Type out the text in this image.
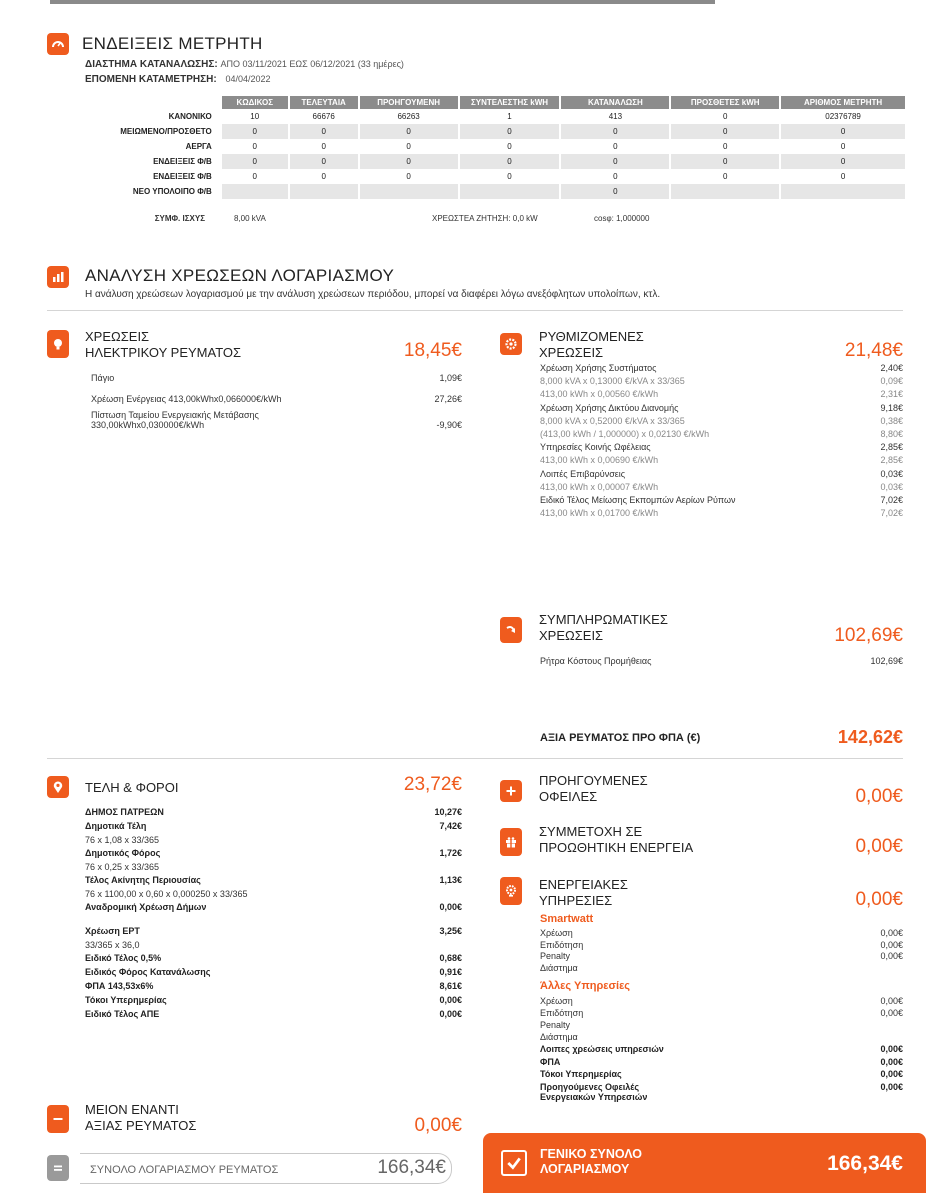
ΕΝΔΕΙΞΕΙΣ ΜΕΤΡΗΤΗ
ΔΙΑΣΤΗΜΑ ΚΑΤΑΝΑΛΩΣΗΣ: ΑΠΟ 03/11/2021 ΕΩΣ 06/12/2021 (33 ημέρες)
ΕΠΟΜΕΝΗ ΚΑΤΑΜΕΤΡΗΣΗ: 04/04/2022
	ΚΩΔΙΚΟΣ	ΤΕΛΕΥΤΑΙΑ	ΠΡΟΗΓΟΥΜΕΝΗ	ΣΥΝΤΕΛΕΣΤΗΣ kWH	ΚΑΤΑΝΑΛΩΣΗ	ΠΡΟΣΘΕΤΕΣ kWH	ΑΡΙΘΜΟΣ ΜΕΤΡΗΤΗ
ΚΑΝΟΝΙΚΟ	10	66676	66263	1	413	0	02376789
ΜΕΙΩΜΕΝΟ/ΠΡΟΣΘΕΤΟ	0	0	0	0	0	0	0
ΑΕΡΓΑ	0	0	0	0	0	0	0
ΕΝΔΕΙΞΕΙΣ Φ/Β	0	0	0	0	0	0	0
ΕΝΔΕΙΞΕΙΣ Φ/Β	0	0	0	0	0	0	0
ΝΕΟ ΥΠΟΛΟΙΠΟ Φ/Β					0		
ΣΥΜΦ. ΙΣΧΥΣ	8,00 kVA	ΧΡΕΩΣΤΕΑ ΖΗΤΗΣΗ: 0,0 kW	cosφ: 1,000000
ΑΝΑΛΥΣΗ ΧΡΕΩΣΕΩΝ ΛΟΓΑΡΙΑΣΜΟΥ
Η ανάλυση χρεώσεων λογαριασμού με την ανάλυση χρεώσεων περιόδου, μπορεί να διαφέρει λόγω ανεξόφλητων υπολοίπων, κτλ.
ΧΡΕΩΣΕΙΣ
ΗΛΕΚΤΡΙΚΟΥ ΡΕΥΜΑΤΟΣ	18,45€
Πάγιο	1,09€
Χρέωση Ενέργειας 413,00kWhx0,066000€/kWh	27,26€
Πίστωση Ταμείου Ενεργειακής Μετάβασης
330,00kWhx0,030000€/kWh	-9,90€
ΡΥΘΜΙΖΟΜΕΝΕΣ
ΧΡΕΩΣΕΙΣ	21,48€
Χρέωση Χρήσης Συστήματος	2,40€
8,000 kVA x 0,13000 €/kVA x 33/365	0,09€
413,00 kWh x 0,00560 €/kWh	2,31€
Χρέωση Χρήσης Δικτύου Διανομής	9,18€
8,000 kVA x 0,52000 €/kVA x 33/365	0,38€
(413,00 kWh / 1,000000) x 0,02130 €/kWh	8,80€
Υπηρεσίες Κοινής Ωφέλειας	2,85€
413,00 kWh x 0,00690 €/kWh	2,85€
Λοιπές Επιβαρύνσεις	0,03€
413,00 kWh x 0,00007 €/kWh	0,03€
Ειδικό Τέλος Μείωσης Εκπομπών Αερίων Ρύπων	7,02€
413,00 kWh x 0,01700 €/kWh	7,02€
ΣΥΜΠΛΗΡΩΜΑΤΙΚΕΣ
ΧΡΕΩΣΕΙΣ	102,69€
Ρήτρα Κόστους Προμήθειας	102,69€
ΑΞΙΑ ΡΕΥΜΑΤΟΣ ΠΡΟ ΦΠΑ (€)	142,62€
ΤΕΛΗ & ΦΟΡΟΙ	23,72€
ΔΗΜΟΣ ΠΑΤΡΕΩΝ	10,27€
Δημοτικά Τέλη	7,42€
76 x 1,08 x 33/365
Δημοτικός Φόρος	1,72€
76 x 0,25 x 33/365
Τέλος Ακίνητης Περιουσίας	1,13€
76 x 1100,00 x 0,60 x 0,000250 x 33/365
Αναδρομική Χρέωση Δήμων	0,00€
Χρέωση ΕΡΤ	3,25€
33/365 x 36,0
Ειδικό Τέλος 0,5%	0,68€
Ειδικός Φόρος Κατανάλωσης	0,91€
ΦΠΑ 143,53x6%	8,61€
Τόκοι Υπερημερίας	0,00€
Ειδικό Τέλος ΑΠΕ	0,00€
ΠΡΟΗΓΟΥΜΕΝΕΣ
ΟΦΕΙΛΕΣ	0,00€
ΣΥΜΜΕΤΟΧΗ ΣΕ
ΠΡΟΩΘΗΤΙΚΗ ΕΝΕΡΓΕΙΑ	0,00€
ΕΝΕΡΓΕΙΑΚΕΣ
ΥΠΗΡΕΣΙΕΣ	0,00€
Smartwatt
Χρέωση	0,00€
Επιδότηση	0,00€
Penalty	0,00€
Διάστημα
Άλλες Υπηρεσίες
Χρέωση	0,00€
Επιδότηση	0,00€
Penalty
Διάστημα
Λοιπες χρεώσεις υπηρεσιών	0,00€
ΦΠΑ	0,00€
Τόκοι Υπερημερίας	0,00€
Προηγούμενες Οφειλές
Ενεργειακών Υπηρεσιών
0,00€
ΜΕΙΟΝ ΕΝΑΝΤΙ
ΑΞΙΑΣ ΡΕΥΜΑΤΟΣ	0,00€
ΣΥΝΟΛΟ ΛΟΓΑΡΙΑΣΜΟΥ ΡΕΥΜΑΤΟΣ	166,34€
ΓΕΝΙΚΟ ΣΥΝΟΛΟ
ΛΟΓΑΡΙΑΣΜΟΥ	166,34€
